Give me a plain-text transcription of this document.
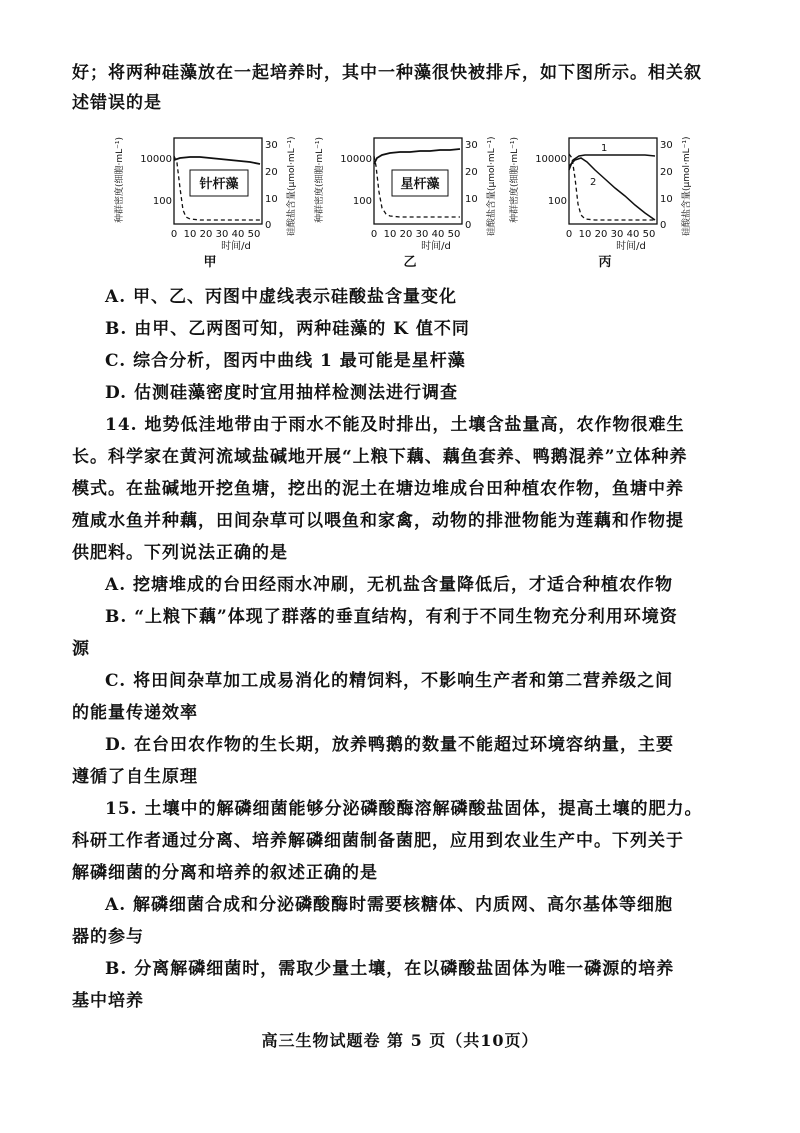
好；将两种硅藻放在一起培养时，其中一种藻很快被排斥，如下图所示。相关叙
述错误的是
种群密度(细胞·mL⁻¹) 10000
100
针杆藻
30
20
10
0 硅酸盐含量(μmol·mL⁻¹)
0 10 20 30 40 50
时间/d
甲
种群密度(细胞·mL⁻¹) 10000
100
星杆藻
30
20
10
0 硅酸盐含量(μmol·mL⁻¹)
0 10 20 30 40 50
时间/d
乙
种群密度(细胞·mL⁻¹) 10000
100
1
2
30
20
10
0 硅酸盐含量(μmol·mL⁻¹)
0 10 20 30 40 50
时间/d
丙
A. 甲、乙、丙图中虚线表示硅酸盐含量变化
B. 由甲、乙两图可知，两种硅藻的 K 值不同
C. 综合分析，图丙中曲线 1 最可能是星杆藻
D. 估测硅藻密度时宜用抽样检测法进行调查
14. 地势低洼地带由于雨水不能及时排出，土壤含盐量高，农作物很难生
长。科学家在黄河流域盐碱地开展“上粮下藕、藕鱼套养、鸭鹅混养”立体种养
模式。在盐碱地开挖鱼塘，挖出的泥土在塘边堆成台田种植农作物，鱼塘中养
殖咸水鱼并种藕，田间杂草可以喂鱼和家禽，动物的排泄物能为莲藕和作物提
供肥料。下列说法正确的是
A. 挖塘堆成的台田经雨水冲刷，无机盐含量降低后，才适合种植农作物
B. “上粮下藕”体现了群落的垂直结构，有利于不同生物充分利用环境资
源
C. 将田间杂草加工成易消化的精饲料，不影响生产者和第二营养级之间
的能量传递效率
D. 在台田农作物的生长期，放养鸭鹅的数量不能超过环境容纳量，主要
遵循了自生原理
15. 土壤中的解磷细菌能够分泌磷酸酶溶解磷酸盐固体，提高土壤的肥力。
科研工作者通过分离、培养解磷细菌制备菌肥，应用到农业生产中。下列关于
解磷细菌的分离和培养的叙述正确的是
A. 解磷细菌合成和分泌磷酸酶时需要核糖体、内质网、高尔基体等细胞
器的参与
B. 分离解磷细菌时，需取少量土壤，在以磷酸盐固体为唯一磷源的培养
基中培养
高三生物试题卷 第 5 页（共10页）
